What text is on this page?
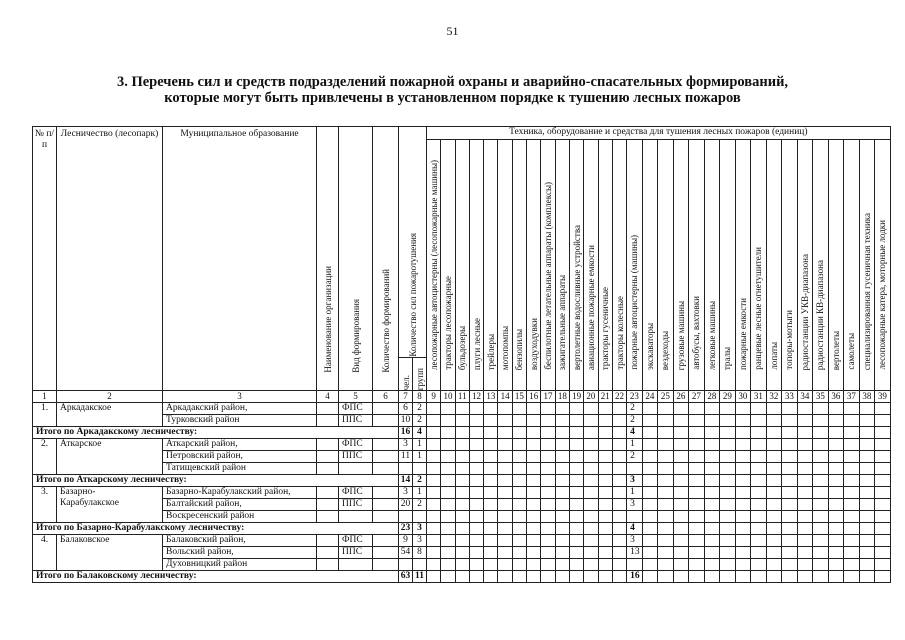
51
3. Перечень сил и средств подразделений пожарной охраны и аварийно-спасательных формирований,
которые могут быть привлечены в установленном порядке к тушению лесных пожаров
№ п/п	Лесничество (лесопарк)	Муниципальное образование	Наименование организации	Вид формирования	Количество формирований	Количество сил пожаротушения		Техника, оборудование и средства для тушения лесных пожаров (единиц)																														

								лесопожарные автоцистерны (лесопожарные машины)	тракторы лесопожарные	бульдозеры	плуги лесные	трейлеры	мотопомпы	бензопилы	воздуходувки	беспилотные летательные аппараты (комплексы)	зажигательные аппараты	вертолетные водосливные устройства	авиационные пожарные емкости	тракторы гусеничные	тракторы колесные	пожарные автоцистерны (машины)	экскаваторы	вездеходы	грузовые машины	автобусы, вахтовки	легковые машины	тралы	пожарные емкости	ранцевые лесные огнетушители	лопаты	топоры-мотыги	радиостанции УКВ-диапазона	радиостанции КВ-диапазона	вертолеты	самолеты	специализированная гусеничная техника	лесопожарные катера, моторные лодки

						чел.	групп																															

1	2	3	4	5	6	7	8	9	10	11	12	13	14	15	16	17	18	19	20	21	22	23	24	25	26	27	28	29	30	31	32	33	34	35	36	37	38	39
1.	Аркадакское	Аркадакский район,		ФПС		6	2															2																
		Турковский район		ППС		10	2															2																
Итого по Аркадакскому лесничеству:						16	4															4																
2.	Аткарское	Аткарский район,		ФПС		3	1															1																
		Петровский район,		ППС		11	1															2																
		Татищевский район																																				
Итого по Аткарскому лесничеству:						14	2															3																
3.	Базарно-
Карабулакское	Базарно-Карабулакский район,		ФПС		3	1															1																
		Балтайский район,		ППС		20	2															3																
		Воскресенский район																																				
Итого по Базарно-Карабулакскому лесничеству:						23	3															4																
4.	Балаковское	Балаковский район,		ФПС		9	3															3																
		Вольский район,		ППС		54	8															13																
		Духовницкий район																																				
Итого по Балаковскому лесничеству:						63	11															16																
